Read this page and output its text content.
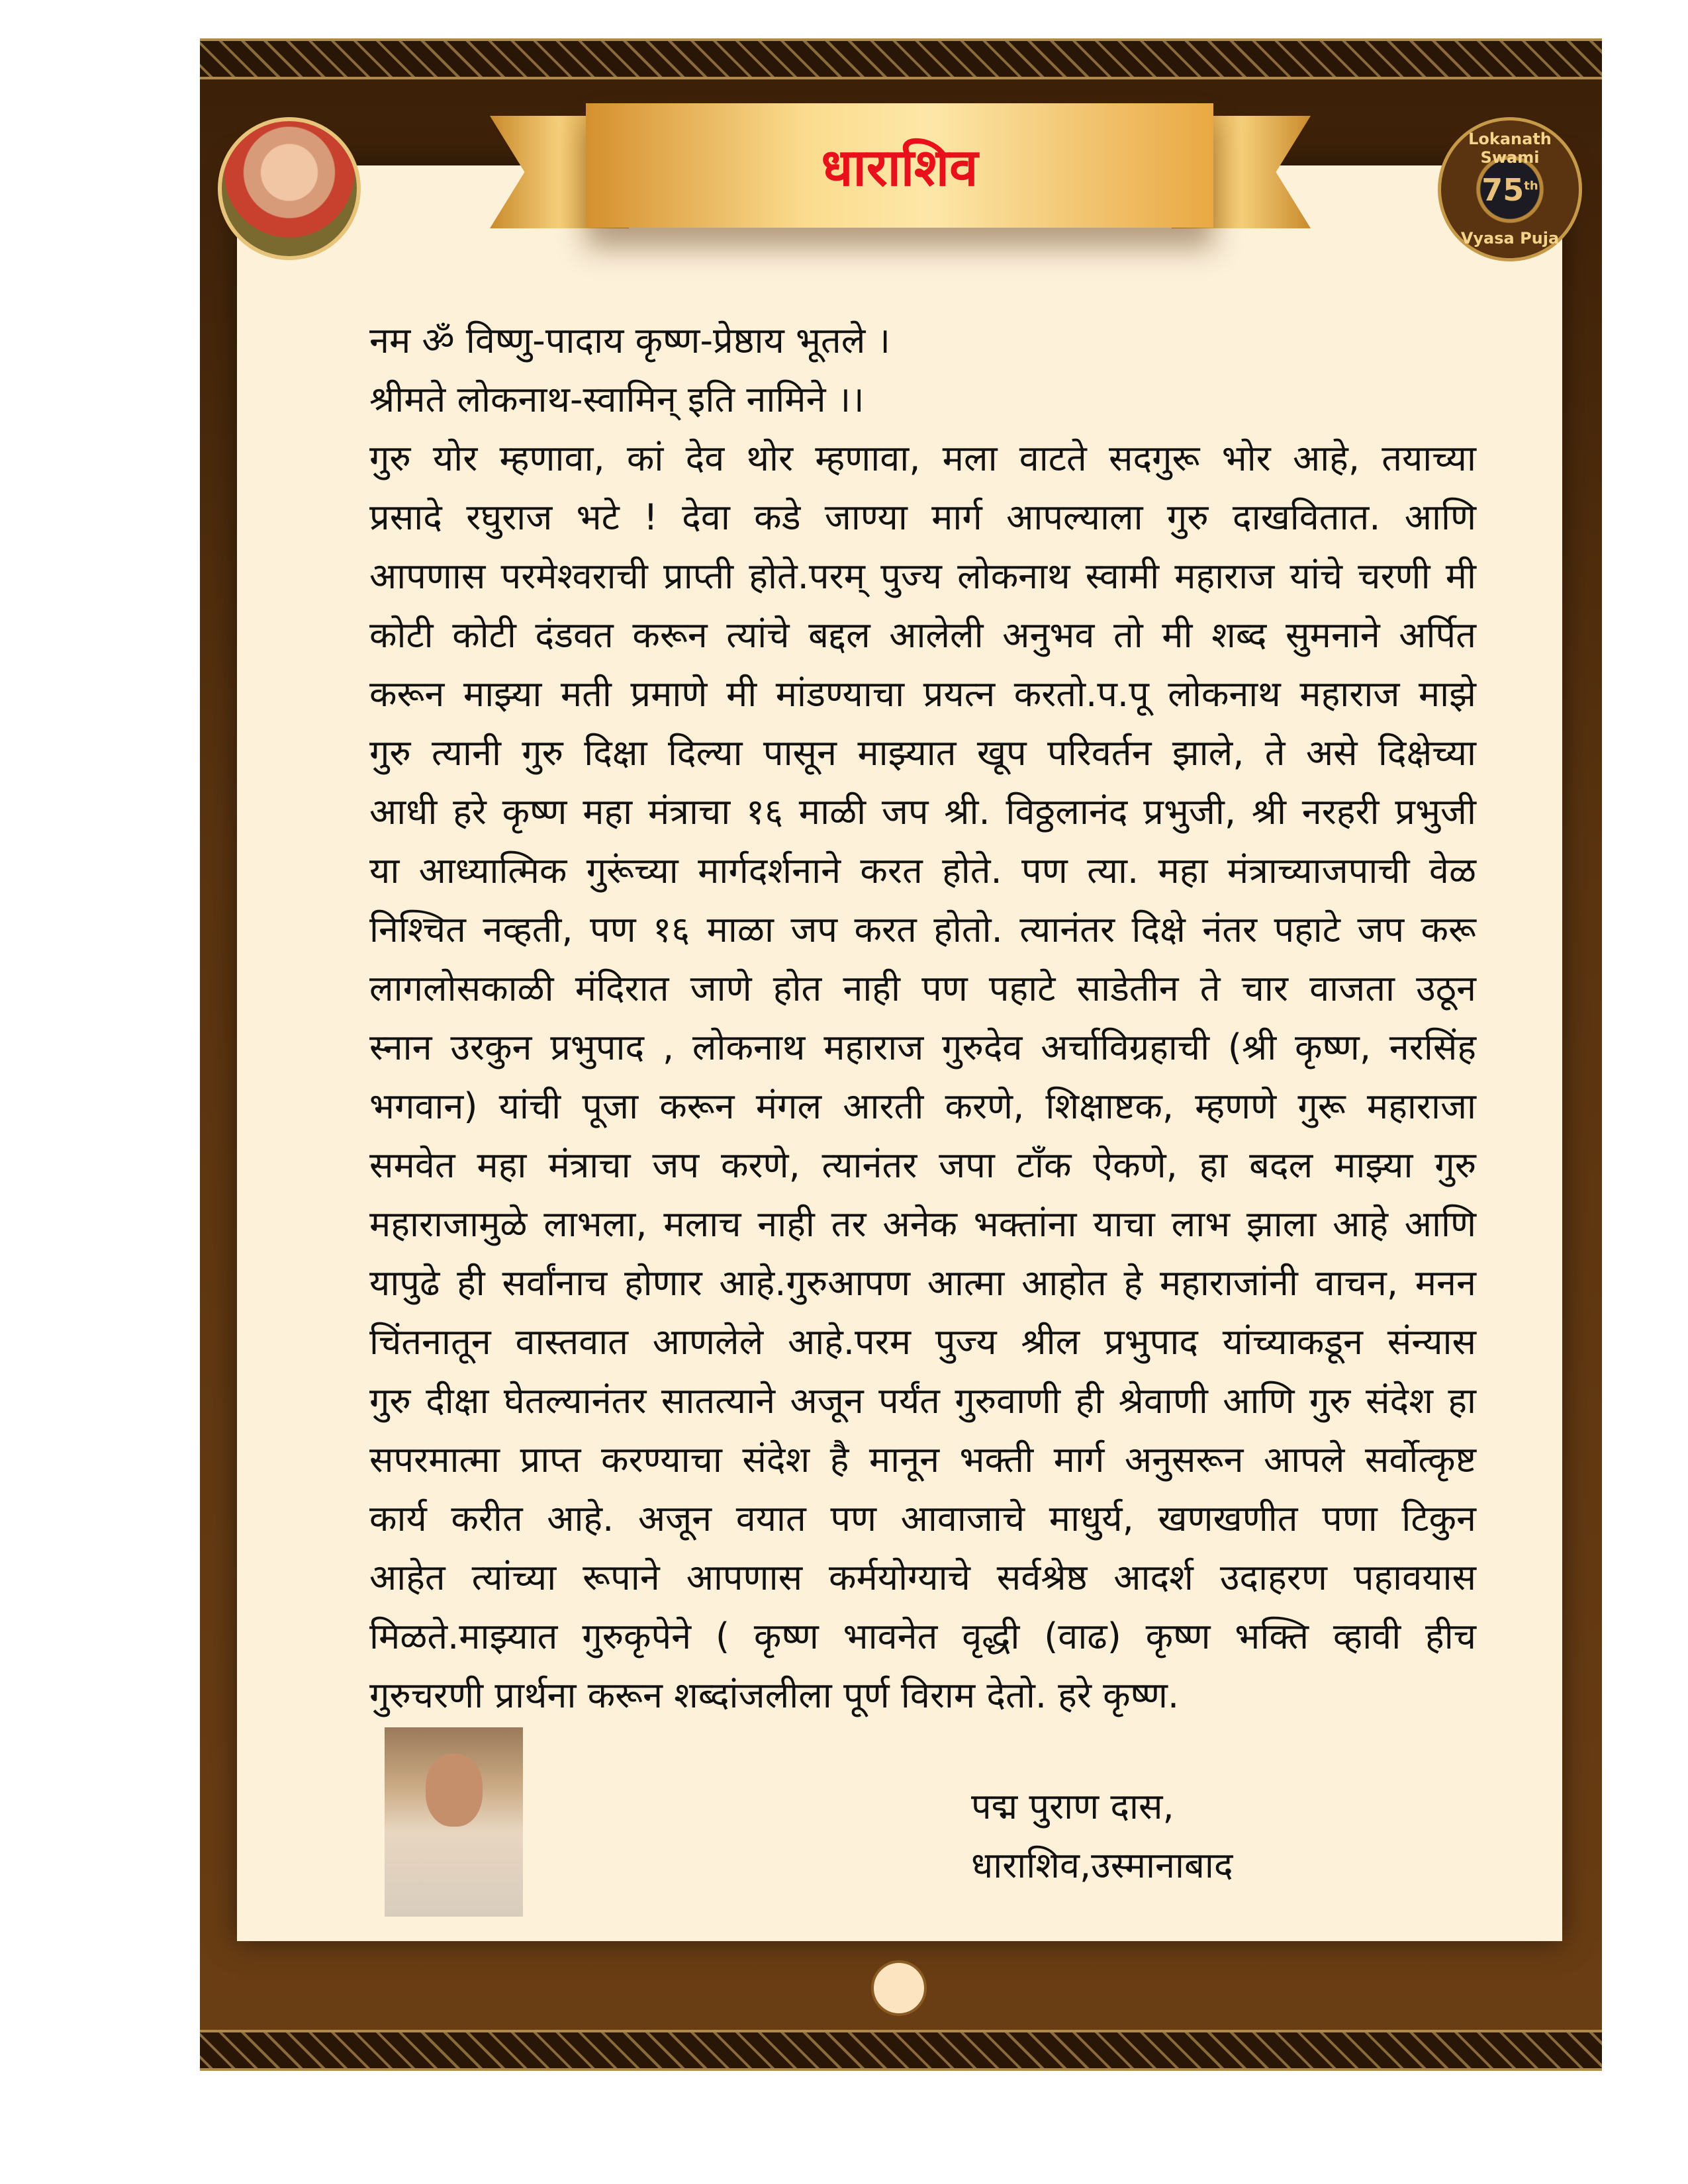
धाराशिव	Lokanath Swami
75th
Vyasa Puja
नम ॐ विष्णु-पादाय कृष्ण-प्रेष्ठाय भूतले ।
श्रीमते लोकनाथ-स्वामिन् इति नामिने ।।
गुरु योर म्हणावा, कां देव थोर म्हणावा, मला वाटते सदगुरू भोर आहे, तयाच्या
प्रसादे रघुराज भटे ! देवा कडे जाण्या मार्ग आपल्याला गुरु दाखवितात. आणि
आपणास परमेश्वराची प्राप्ती होते.परम् पुज्य लोकनाथ स्वामी महाराज यांचे चरणी मी
कोटी कोटी दंडवत करून त्यांचे बद्दल आलेली अनुभव तो मी शब्द सुमनाने अर्पित
करून माझ्या मती प्रमाणे मी मांडण्याचा प्रयत्न करतो.प.पू लोकनाथ महाराज माझे
गुरु त्यानी गुरु दिक्षा दिल्या पासून माझ्यात खूप परिवर्तन झाले, ते असे दिक्षेच्या
आधी हरे कृष्ण महा मंत्राचा १६ माळी जप श्री. विठ्ठलानंद प्रभुजी, श्री नरहरी प्रभुजी
या आध्यात्मिक गुरूंच्या मार्गदर्शनाने करत होते. पण त्या. महा मंत्राच्याजपाची वेळ
निश्चित नव्हती, पण १६ माळा जप करत होतो. त्यानंतर दिक्षे नंतर पहाटे जप करू
लागलोसकाळी मंदिरात जाणे होत नाही पण पहाटे साडेतीन ते चार वाजता उठून
स्नान उरकुन प्रभुपाद , लोकनाथ महाराज गुरुदेव अर्चाविग्रहाची (श्री कृष्ण, नरसिंह
भगवान) यांची पूजा करून मंगल आरती करणे, शिक्षाष्टक, म्हणणे गुरू महाराजा
समवेत महा मंत्राचा जप करणे, त्यानंतर जपा टॉंक ऐकणे, हा बदल माझ्या गुरु
महाराजामुळे लाभला, मलाच नाही तर अनेक भक्तांना याचा लाभ झाला आहे आणि
यापुढे ही सर्वांनाच होणार आहे.गुरुआपण आत्मा आहोत हे महाराजांनी वाचन, मनन
चिंतनातून वास्तवात आणलेले आहे.परम पुज्य श्रील प्रभुपाद यांच्याकडून संन्यास
गुरु दीक्षा घेतल्यानंतर सातत्याने अजून पर्यंत गुरुवाणी ही श्रेवाणी आणि गुरु संदेश हा
सपरमात्मा प्राप्त करण्याचा संदेश है मानून भक्ती मार्ग अनुसरून आपले सर्वोत्कृष्ट
कार्य करीत आहे. अजून वयात पण आवाजाचे माधुर्य, खणखणीत पणा टिकुन
आहेत त्यांच्या रूपाने आपणास कर्मयोग्याचे सर्वश्रेष्ठ आदर्श उदाहरण पहावयास
मिळते.माझ्यात गुरुकृपेने ( कृष्ण भावनेत वृद्धी (वाढ) कृष्ण भक्ति व्हावी हीच
गुरुचरणी प्रार्थना करून शब्दांजलीला पूर्ण विराम देतो. हरे कृष्ण.
पद्म पुराण दास,
धाराशिव,उस्मानाबाद
